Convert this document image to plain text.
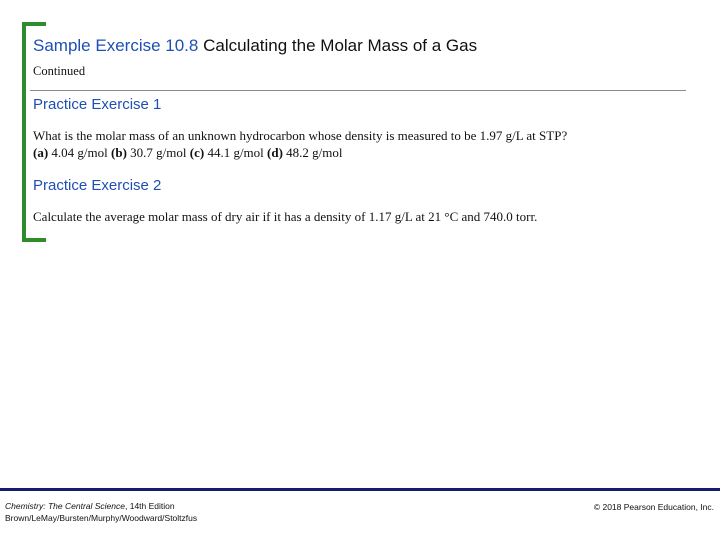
Sample Exercise 10.8 Calculating the Molar Mass of a Gas
Continued
Practice Exercise 1
What is the molar mass of an unknown hydrocarbon whose density is measured to be 1.97 g/L at STP?
(a) 4.04 g/mol (b) 30.7 g/mol (c) 44.1 g/mol (d) 48.2 g/mol
Practice Exercise 2
Calculate the average molar mass of dry air if it has a density of 1.17 g/L at 21 °C and 740.0 torr.
Chemistry: The Central Science, 14th Edition
Brown/LeMay/Bursten/Murphy/Woodward/Stoltzfus
© 2018 Pearson Education, Inc.
